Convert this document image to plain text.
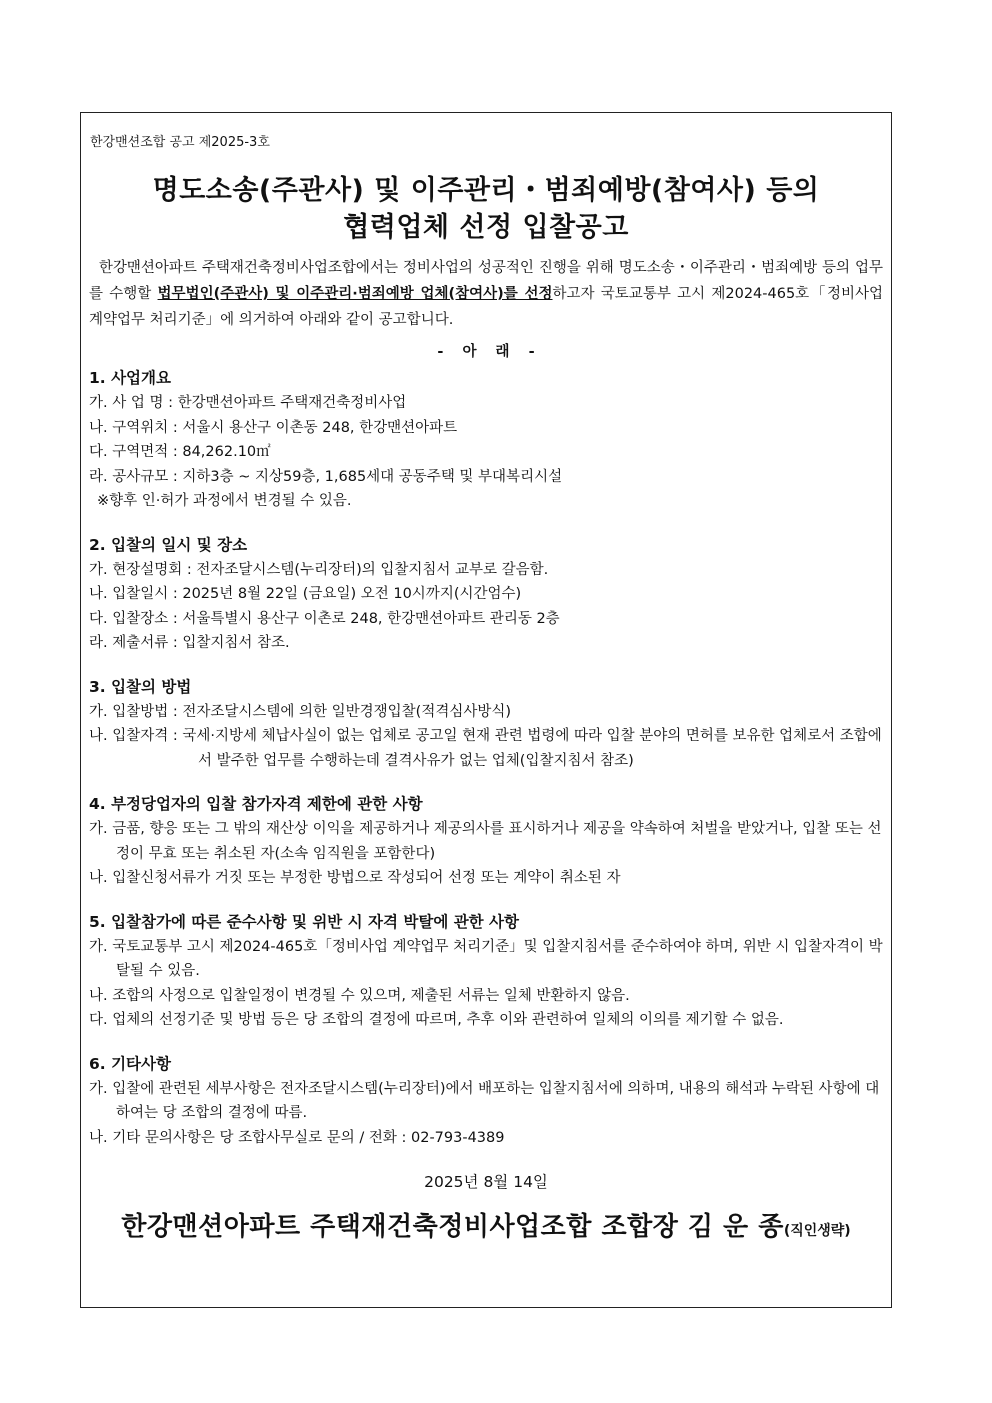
한강맨션조합 공고 제2025-3호
명도소송(주관사) 및 이주관리・범죄예방(참여사) 등의
협력업체 선정 입찰공고
한강맨션아파트 주택재건축정비사업조합에서는 정비사업의 성공적인 진행을 위해 명도소송・이주관리・범죄예방 등의 업무를 수행할 법무법인(주관사) 및 이주관리·범죄예방 업체(참여사)를 선정하고자 국토교통부 고시 제2024-465호「정비사업 계약업무 처리기준」에 의거하여 아래와 같이 공고합니다.
- 아 래 -
1. 사업개요
가. 사 업 명 : 한강맨션아파트 주택재건축정비사업
나. 구역위치 : 서울시 용산구 이촌동 248, 한강맨션아파트
다. 구역면적 : 84,262.10㎡
라. 공사규모 : 지하3층 ~ 지상59층, 1,685세대 공동주택 및 부대복리시설
※향후 인·허가 과정에서 변경될 수 있음.
2. 입찰의 일시 및 장소
가. 현장설명회 : 전자조달시스템(누리장터)의 입찰지침서 교부로 갈음함.
나. 입찰일시 : 2025년 8월 22일 (금요일) 오전 10시까지(시간엄수)
다. 입찰장소 : 서울특별시 용산구 이촌로 248, 한강맨션아파트 관리동 2층
라. 제출서류 : 입찰지침서 참조.
3. 입찰의 방법
가. 입찰방법 : 전자조달시스템에 의한 일반경쟁입찰(적격심사방식)
나. 입찰자격 : 국세·지방세 체납사실이 없는 업체로 공고일 현재 관련 법령에 따라 입찰 분야의 면허를 보유한 업체로서 조합에서 발주한 업무를 수행하는데 결격사유가 없는 업체(입찰지침서 참조)
4. 부정당업자의 입찰 참가자격 제한에 관한 사항
가. 금품, 향응 또는 그 밖의 재산상 이익을 제공하거나 제공의사를 표시하거나 제공을 약속하여 처벌을 받았거나, 입찰 또는 선정이 무효 또는 취소된 자(소속 임직원을 포함한다)
나. 입찰신청서류가 거짓 또는 부정한 방법으로 작성되어 선정 또는 계약이 취소된 자
5. 입찰참가에 따른 준수사항 및 위반 시 자격 박탈에 관한 사항
가. 국토교통부 고시 제2024-465호「정비사업 계약업무 처리기준」및 입찰지침서를 준수하여야 하며, 위반 시 입찰자격이 박탈될 수 있음.
나. 조합의 사정으로 입찰일정이 변경될 수 있으며, 제출된 서류는 일체 반환하지 않음.
다. 업체의 선정기준 및 방법 등은 당 조합의 결정에 따르며, 추후 이와 관련하여 일체의 이의를 제기할 수 없음.
6. 기타사항
가. 입찰에 관련된 세부사항은 전자조달시스템(누리장터)에서 배포하는 입찰지침서에 의하며, 내용의 해석과 누락된 사항에 대하여는 당 조합의 결정에 따름.
나. 기타 문의사항은 당 조합사무실로 문의 / 전화 : 02-793-4389
2025년 8월 14일
한강맨션아파트 주택재건축정비사업조합 조합장 김 운 종(직인생략)
